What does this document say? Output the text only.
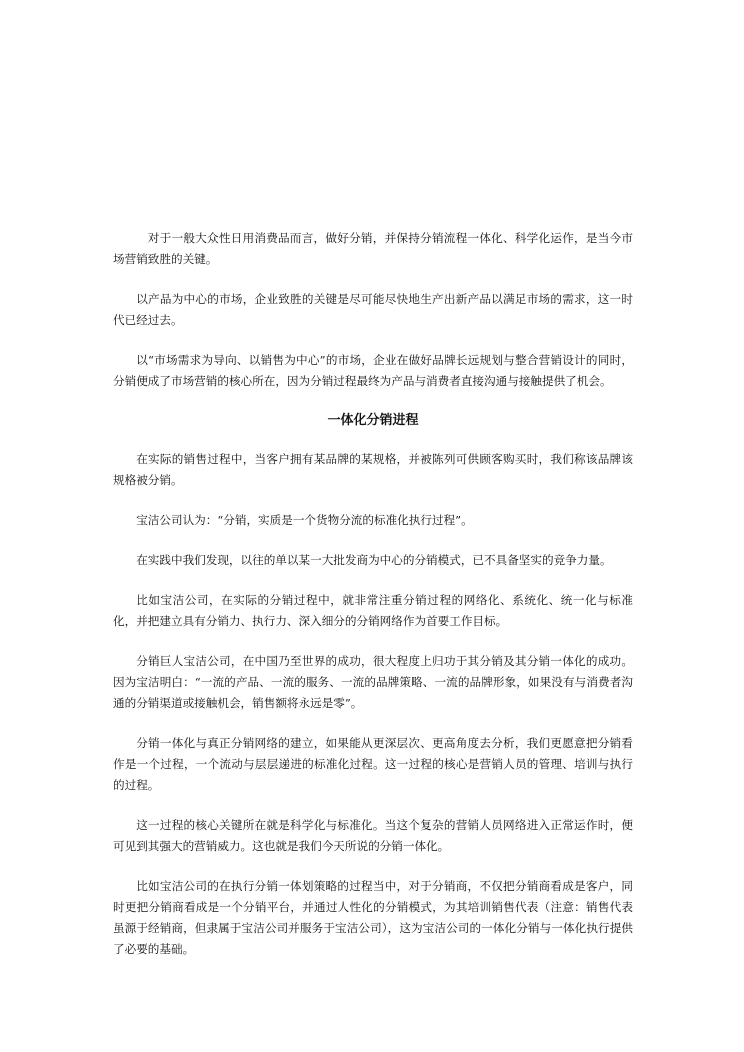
对于一般大众性日用消费品而言，做好分销，并保持分销流程一体化、科学化运作，是当今市场营销致胜的关键。

以产品为中心的市场，企业致胜的关键是尽可能尽快地生产出新产品以满足市场的需求，这一时代已经过去。

以“市场需求为导向、以销售为中心”的市场，企业在做好品牌长远规划与整合营销设计的同时，分销便成了市场营销的核心所在，因为分销过程最终为产品与消费者直接沟通与接触提供了机会。

一体化分销进程

在实际的销售过程中，当客户拥有某品牌的某规格，并被陈列可供顾客购买时，我们称该品牌该规格被分销。

宝洁公司认为：“分销，实质是一个货物分流的标准化执行过程”。

在实践中我们发现，以往的单以某一大批发商为中心的分销模式，已不具备坚实的竞争力量。

比如宝洁公司，在实际的分销过程中，就非常注重分销过程的网络化、系统化、统一化与标准化，并把建立具有分销力、执行力、深入细分的分销网络作为首要工作目标。

分销巨人宝洁公司，在中国乃至世界的成功，很大程度上归功于其分销及其分销一体化的成功。因为宝洁明白：“一流的产品、一流的服务、一流的品牌策略、一流的品牌形象，如果没有与消费者沟通的分销渠道或接触机会，销售额将永远是零”。

分销一体化与真正分销网络的建立，如果能从更深层次、更高角度去分析，我们更愿意把分销看作是一个过程，一个流动与层层递进的标准化过程。这一过程的核心是营销人员的管理、培训与执行的过程。

这一过程的核心关键所在就是科学化与标准化。当这个复杂的营销人员网络进入正常运作时，便可见到其强大的营销威力。这也就是我们今天所说的分销一体化。

比如宝洁公司的在执行分销一体划策略的过程当中，对于分销商，不仅把分销商看成是客户，同时更把分销商看成是一个分销平台，并通过人性化的分销模式，为其培训销售代表（注意：销售代表虽源于经销商，但隶属于宝洁公司并服务于宝洁公司），这为宝洁公司的一体化分销与一体化执行提供了必要的基础。
